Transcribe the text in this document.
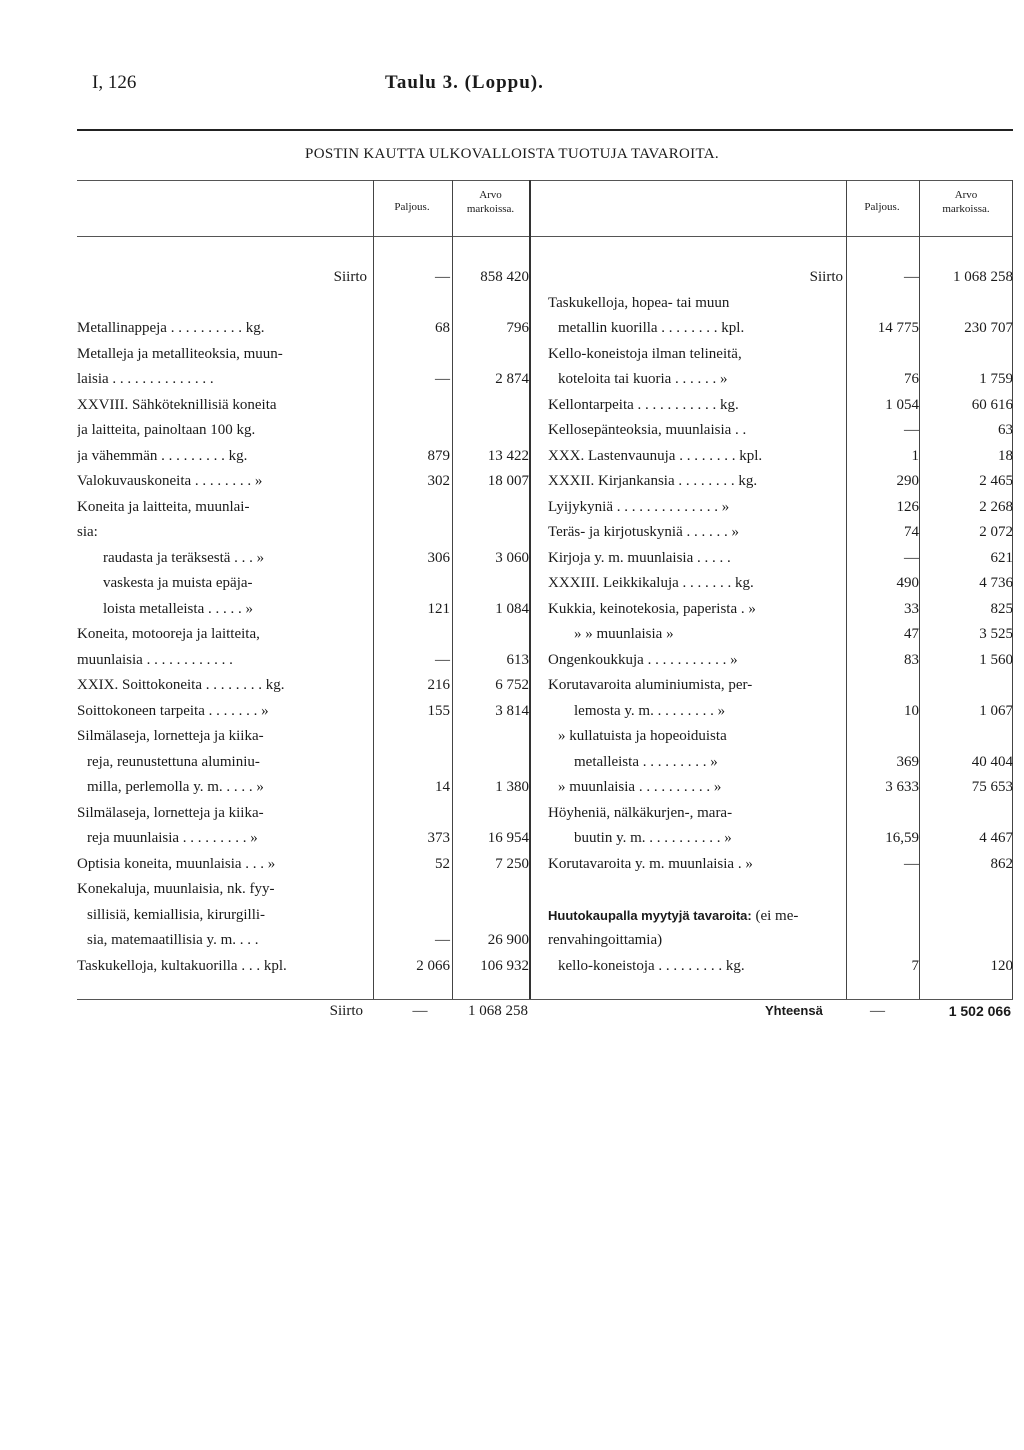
I, 126	Taulu 3. (Loppu).
POSTIN KAUTTA ULKOVALLOISTA TUOTUJA TAVAROITA.
Paljous.
Arvo
markoissa.	Paljous.
Arvo
markoissa.
Siirto	—	858 420
Metallinappeja . . . . . . . . . . kg.	68	796
Metalleja ja metalliteoksia, muun-
laisia . . . . . . . . . . . . . .	—	2 874
XXVIII. Sähköteknillisiä koneita
ja laitteita, painoltaan 100 kg.
ja vähemmän . . . . . . . . . kg.	879	13 422
Valokuvauskoneita . . . . . . . . »	302	18 007
Koneita ja laitteita, muunlai-
sia:
raudasta ja teräksestä . . . »	306	3 060
vaskesta ja muista epäja-
loista metalleista . . . . . »	121	1 084
Koneita, motooreja ja laitteita,
muunlaisia . . . . . . . . . . . .	—	613
XXIX. Soittokoneita . . . . . . . . kg.	216	6 752
Soittokoneen tarpeita . . . . . . . »	155	3 814
Silmälaseja, lornetteja ja kiika-
reja, reunustettuna aluminiu-
milla, perlemolla y. m. . . . . »	14	1 380
Silmälaseja, lornetteja ja kiika-
reja muunlaisia . . . . . . . . . »	373	16 954
Optisia koneita, muunlaisia . . . »	52	7 250
Konekaluja, muunlaisia, nk. fyy-
sillisiä, kemiallisia, kirurgilli-
sia, matemaatillisia y. m. . . .	—	26 900
Taskukelloja, kultakuorilla . . . kpl.	2 066	106 932
Siirto	—	1 068 258
Taskukelloja, hopea- tai muun
metallin kuorilla . . . . . . . . kpl.	14 775	230 707
Kello-koneistoja ilman telineitä,
koteloita tai kuoria . . . . . . »	76	1 759
Kellontarpeita . . . . . . . . . . . kg.	1 054	60 616
Kellosepänteoksia, muunlaisia . .	—	63
XXX. Lastenvaunuja . . . . . . . . kpl.	1	18
XXXII. Kirjankansia . . . . . . . . kg.	290	2 465
Lyijykyniä . . . . . . . . . . . . . . »	126	2 268
Teräs- ja kirjotuskyniä . . . . . . »	74	2 072
Kirjoja y. m. muunlaisia . . . . .	—	621
XXXIII. Leikkikaluja . . . . . . . kg.	490	4 736
Kukkia, keinotekosia, paperista . »	33	825
» » muunlaisia »	47	3 525
Ongenkoukkuja . . . . . . . . . . . »	83	1 560
Korutavaroita aluminiumista, per-
lemosta y. m. . . . . . . . . »	10	1 067
» kullatuista ja hopeoiduista
metalleista . . . . . . . . . »	369	40 404
» muunlaisia . . . . . . . . . . »	3 633	75 653
Höyheniä, nälkäkurjen-, mara-
buutin y. m. . . . . . . . . . . »	16,59	4 467
Korutavaroita y. m. muunlaisia . »	—	862
Huutokaupalla myytyjä tavaroita: (ei me-
renvahingoittamia)
kello-koneistoja . . . . . . . . . kg.	7	120
Siirto	—	1 068 258	Yhteensä	—	1 502 066
